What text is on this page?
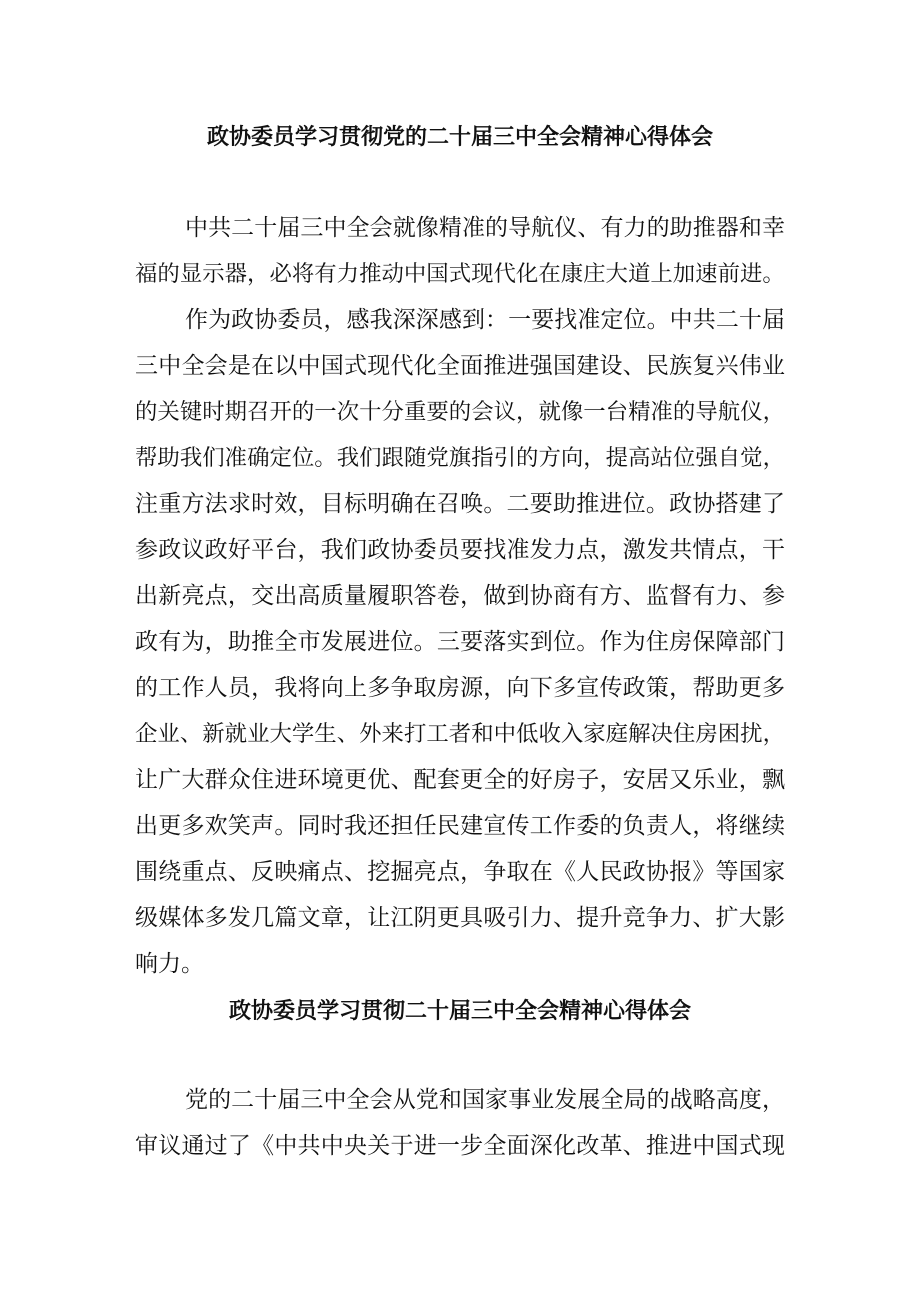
政协委员学习贯彻党的二十届三中全会精神心得体会
中共二十届三中全会就像精准的导航仪、有力的助推器和幸
福的显示器，必将有力推动中国式现代化在康庄大道上加速前进。
作为政协委员，感我深深感到：一要找准定位。中共二十届
三中全会是在以中国式现代化全面推进强国建设、民族复兴伟业
的关键时期召开的一次十分重要的会议，就像一台精准的导航仪，
帮助我们准确定位。我们跟随党旗指引的方向，提高站位强自觉，
注重方法求时效，目标明确在召唤。二要助推进位。政协搭建了
参政议政好平台，我们政协委员要找准发力点，激发共情点，干
出新亮点，交出高质量履职答卷，做到协商有方、监督有力、参
政有为，助推全市发展进位。三要落实到位。作为住房保障部门
的工作人员，我将向上多争取房源，向下多宣传政策，帮助更多
企业、新就业大学生、外来打工者和中低收入家庭解决住房困扰，
让广大群众住进环境更优、配套更全的好房子，安居又乐业，飘
出更多欢笑声。同时我还担任民建宣传工作委的负责人，将继续
围绕重点、反映痛点、挖掘亮点，争取在《人民政协报》等国家
级媒体多发几篇文章，让江阴更具吸引力、提升竞争力、扩大影
响力。
政协委员学习贯彻二十届三中全会精神心得体会
党的二十届三中全会从党和国家事业发展全局的战略高度，
审议通过了《中共中央关于进一步全面深化改革、推进中国式现
